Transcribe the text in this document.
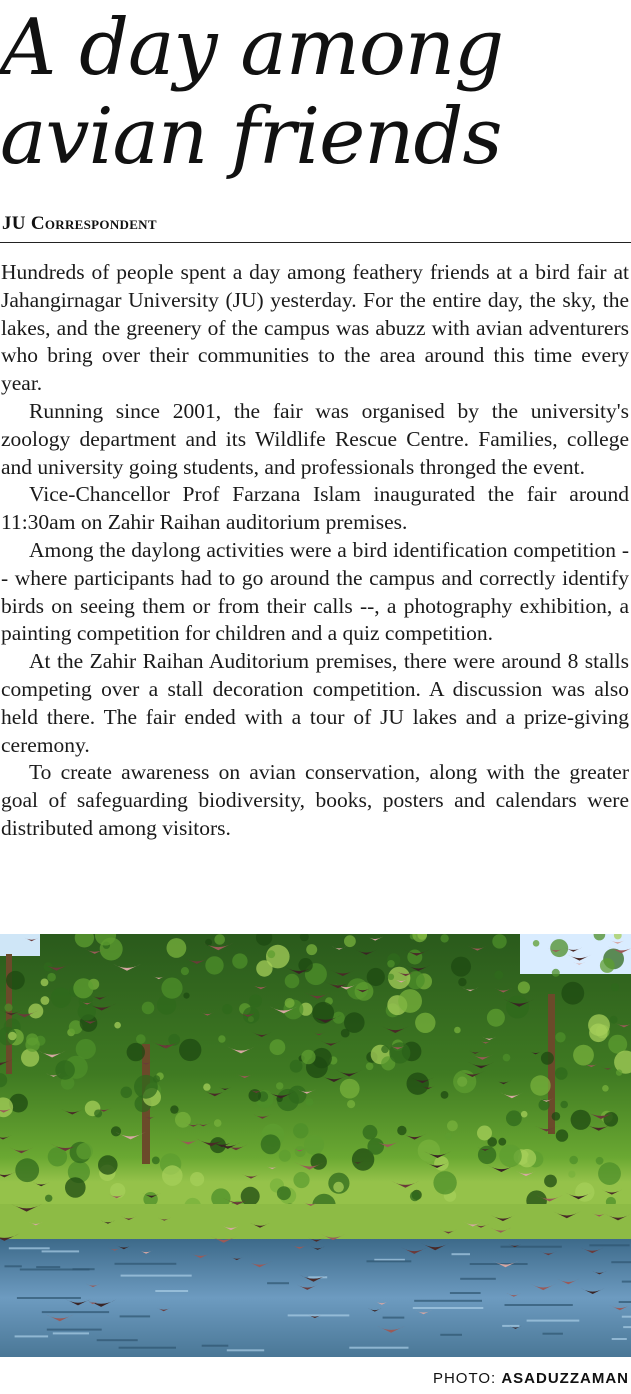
A day among
avian friends
JU Correspondent

Hundreds of people spent a day among feathery friends at a bird fair at Jahangirnagar University (JU) yesterday. For the entire day, the sky, the lakes, and the greenery of the campus was abuzz with avian adventurers who bring over their communities to the area around this time every year.

Running since 2001, the fair was organised by the university's zoology department and its Wildlife Rescue Centre. Families, college and university going students, and professionals thronged the event.

Vice-Chancellor Prof Farzana Islam inaugurated the fair around 11:30am on Zahir Raihan auditorium premises.

Among the daylong activities were a bird identification competition -- where participants had to go around the campus and correctly identify birds on seeing them or from their calls --, a photography exhibition, a painting competition for children and a quiz competition.

At the Zahir Raihan Auditorium premises, there were around 8 stalls competing over a stall decoration competition. A discussion was also held there. The fair ended with a tour of JU lakes and a prize-giving ceremony.

To create awareness on avian conservation, along with the greater goal of safeguarding biodiversity, books, posters and calendars were distributed among visitors.

PHOTO: ASADUZZAMAN
